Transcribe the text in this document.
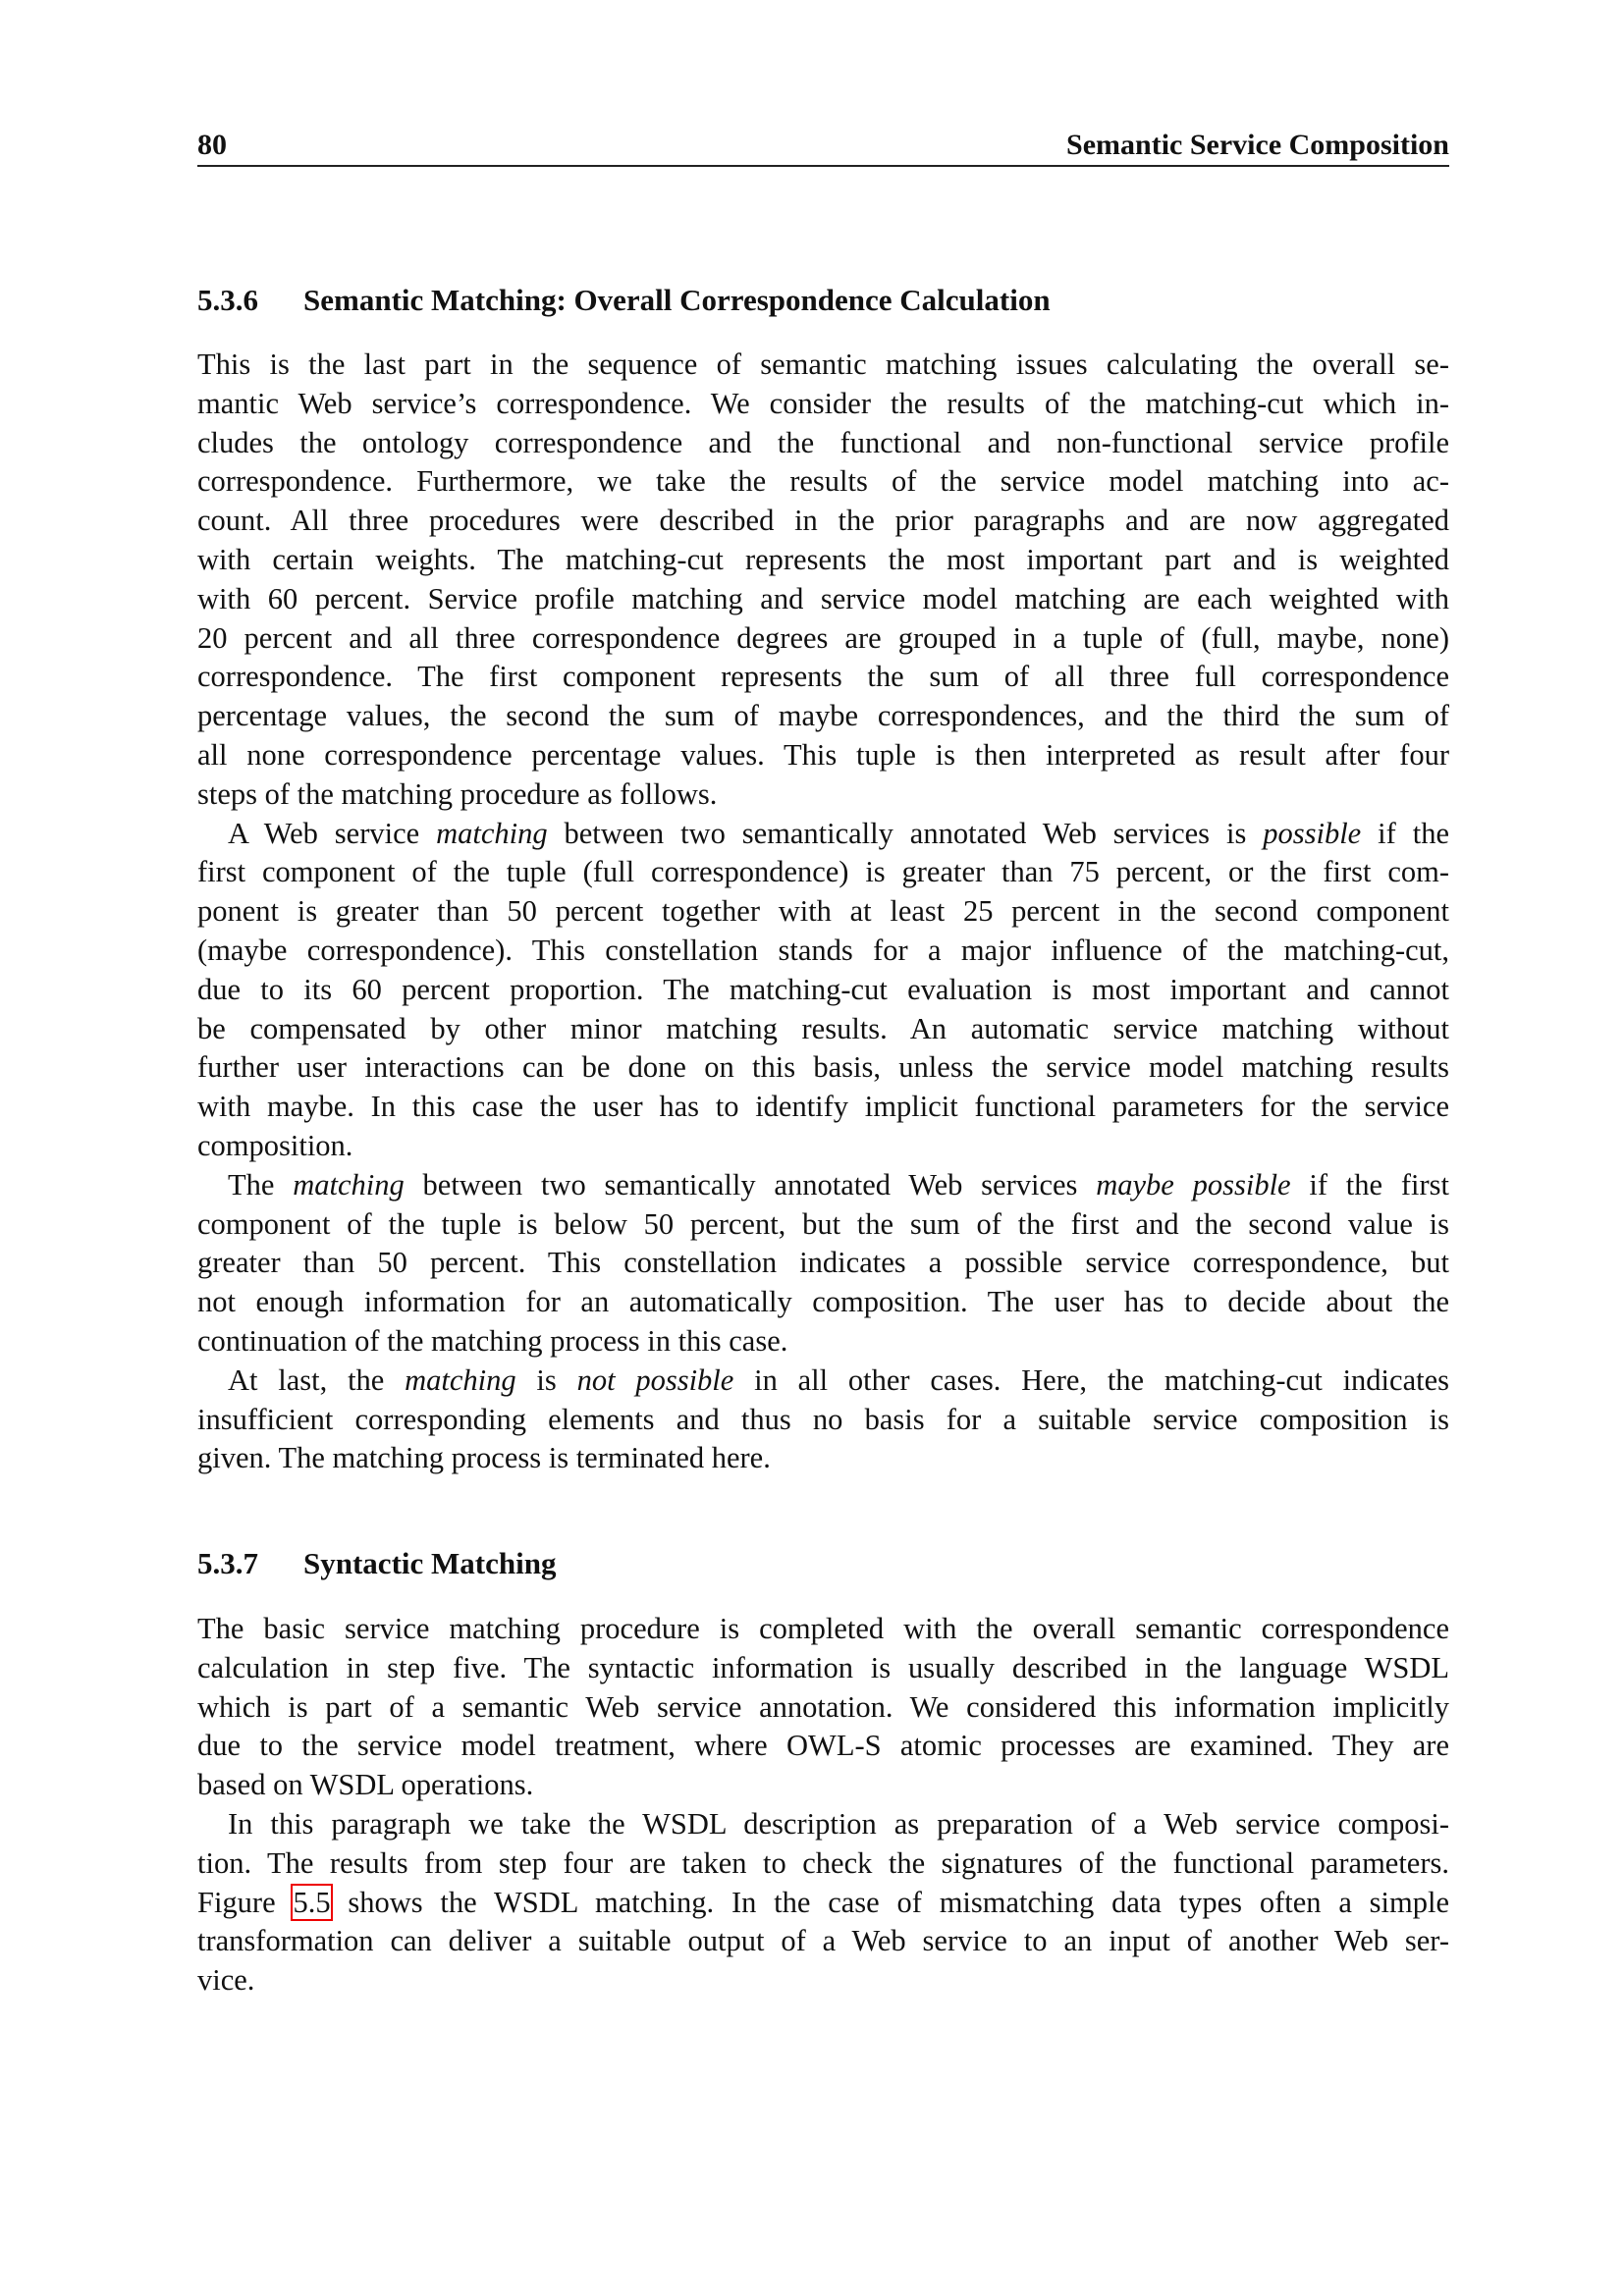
80	Semantic Service Composition
5.3.6 Semantic Matching: Overall Correspondence Calculation
This is the last part in the sequence of semantic matching issues calculating the overall se-
mantic Web service’s correspondence. We consider the results of the matching-cut which in-
cludes the ontology correspondence and the functional and non-functional service profile
correspondence. Furthermore, we take the results of the service model matching into ac-
count. All three procedures were described in the prior paragraphs and are now aggregated
with certain weights. The matching-cut represents the most important part and is weighted
with 60 percent. Service profile matching and service model matching are each weighted with
20 percent and all three correspondence degrees are grouped in a tuple of (full, maybe, none)
correspondence. The first component represents the sum of all three full correspondence
percentage values, the second the sum of maybe correspondences, and the third the sum of
all none correspondence percentage values. This tuple is then interpreted as result after four
steps of the matching procedure as follows.
A Web service matching between two semantically annotated Web services is possible if the
first component of the tuple (full correspondence) is greater than 75 percent, or the first com-
ponent is greater than 50 percent together with at least 25 percent in the second component
(maybe correspondence). This constellation stands for a major influence of the matching-cut,
due to its 60 percent proportion. The matching-cut evaluation is most important and cannot
be compensated by other minor matching results. An automatic service matching without
further user interactions can be done on this basis, unless the service model matching results
with maybe. In this case the user has to identify implicit functional parameters for the service
composition.
The matching between two semantically annotated Web services maybe possible if the first
component of the tuple is below 50 percent, but the sum of the first and the second value is
greater than 50 percent. This constellation indicates a possible service correspondence, but
not enough information for an automatically composition. The user has to decide about the
continuation of the matching process in this case.
At last, the matching is not possible in all other cases. Here, the matching-cut indicates
insufficient corresponding elements and thus no basis for a suitable service composition is
given. The matching process is terminated here.
5.3.7 Syntactic Matching
The basic service matching procedure is completed with the overall semantic correspondence
calculation in step five. The syntactic information is usually described in the language WSDL
which is part of a semantic Web service annotation. We considered this information implicitly
due to the service model treatment, where OWL-S atomic processes are examined. They are
based on WSDL operations.
In this paragraph we take the WSDL description as preparation of a Web service composi-
tion. The results from step four are taken to check the signatures of the functional parameters.
Figure 5.5 shows the WSDL matching. In the case of mismatching data types often a simple
transformation can deliver a suitable output of a Web service to an input of another Web ser-
vice.
